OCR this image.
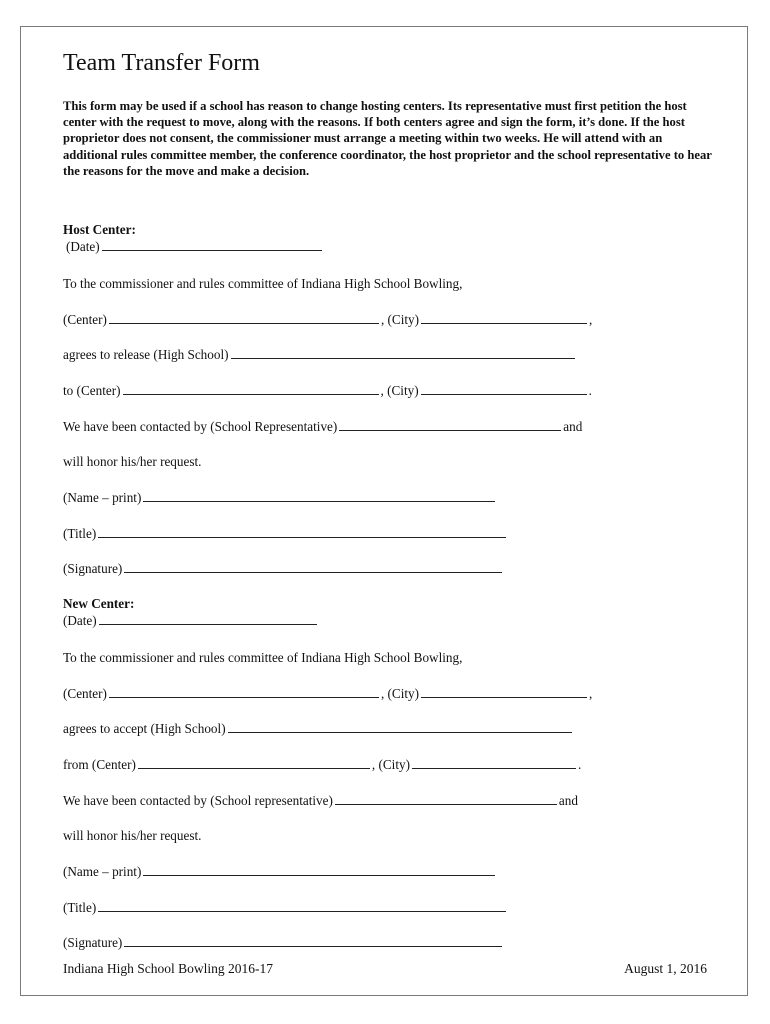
Team Transfer Form
This form may be used if a school has reason to change hosting centers. Its representative must first petition the host center with the request to move, along with the reasons. If both centers agree and sign the form, it’s done. If the host proprietor does not consent, the commissioner must arrange a meeting within two weeks. He will attend with an additional rules committee member, the conference coordinator, the host proprietor and the school representative to hear the reasons for the move and make a decision.
Host Center:
(Date)
To the commissioner and rules committee of Indiana High School Bowling,
(Center)	, (City)	,
agrees to release (High School)
to (Center)	, (City)	.
We have been contacted by (School Representative)	and
will honor his/her request.
(Name – print)
(Title)
(Signature)
New Center:
(Date)
To the commissioner and rules committee of Indiana High School Bowling,
(Center)	, (City)	,
agrees to accept (High School)
from (Center)	, (City)	.
We have been contacted by (School representative)	and
will honor his/her request.
(Name – print)
(Title)
(Signature)
Indiana High School Bowling 2016-17	August 1, 2016
